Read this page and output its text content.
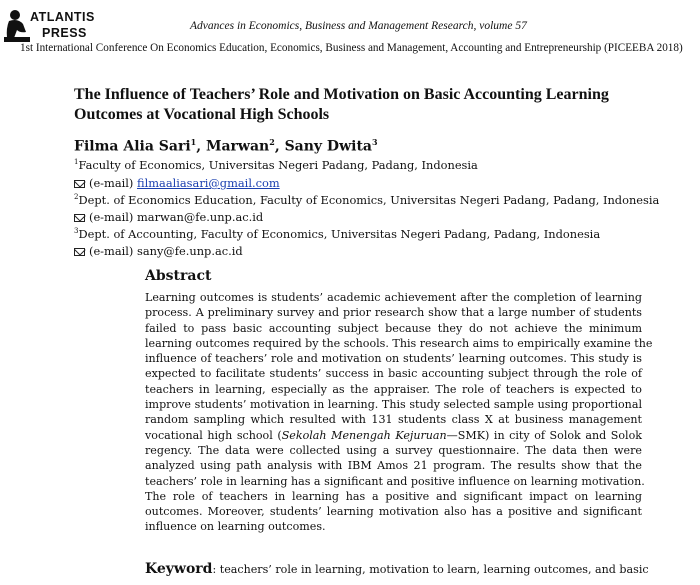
ATLANTIS
PRESS	Advances in Economics, Business and Management Research, volume 57
1st International Conference On Economics Education, Economics, Business and Management, Accounting and Entrepreneurship (PICEEBA 2018)
The Influence of Teachers’ Role and Motivation on Basic Accounting Learning
Outcomes at Vocational High Schools
Filma Alia Sari$^1$, Marwan$^2$, Sany Dwita$^3$
$^1$Faculty of Economics, Universitas Negeri Padang, Padang, Indonesia
(e-mail) filmaaliasari@gmail.com
$^2$Dept. of Economics Education, Faculty of Economics, Universitas Negeri Padang, Padang, Indonesia
(e-mail) marwan@fe.unp.ac.id
$^3$Dept. of Accounting, Faculty of Economics, Universitas Negeri Padang, Padang, Indonesia
(e-mail) sany@fe.unp.ac.id
Abstract
Learning outcomes is students’ academic achievement after the completion of learning
process. A preliminary survey and prior research show that a large number of students
failed to pass basic accounting subject because they do not achieve the minimum
learning outcomes required by the schools. This research aims to empirically examine the
influence of teachers’ role and motivation on students’ learning outcomes. This study is
expected to facilitate students’ success in basic accounting subject through the role of
teachers in learning, especially as the appraiser. The role of teachers is expected to
improve students’ motivation in learning. This study selected sample using proportional
random sampling which resulted with 131 students class X at business management
vocational high school (Sekolah Menengah Kejuruan—SMK) in city of Solok and Solok
regency. The data were collected using a survey questionnaire. The data then were
analyzed using path analysis with IBM Amos 21 program. The results show that the
teachers’ role in learning has a significant and positive influence on learning motivation.
The role of teachers in learning has a positive and significant impact on learning
outcomes. Moreover, students’ learning motivation also has a positive and significant
influence on learning outcomes.
Keyword: teachers’ role in learning, motivation to learn, learning outcomes, and basic
